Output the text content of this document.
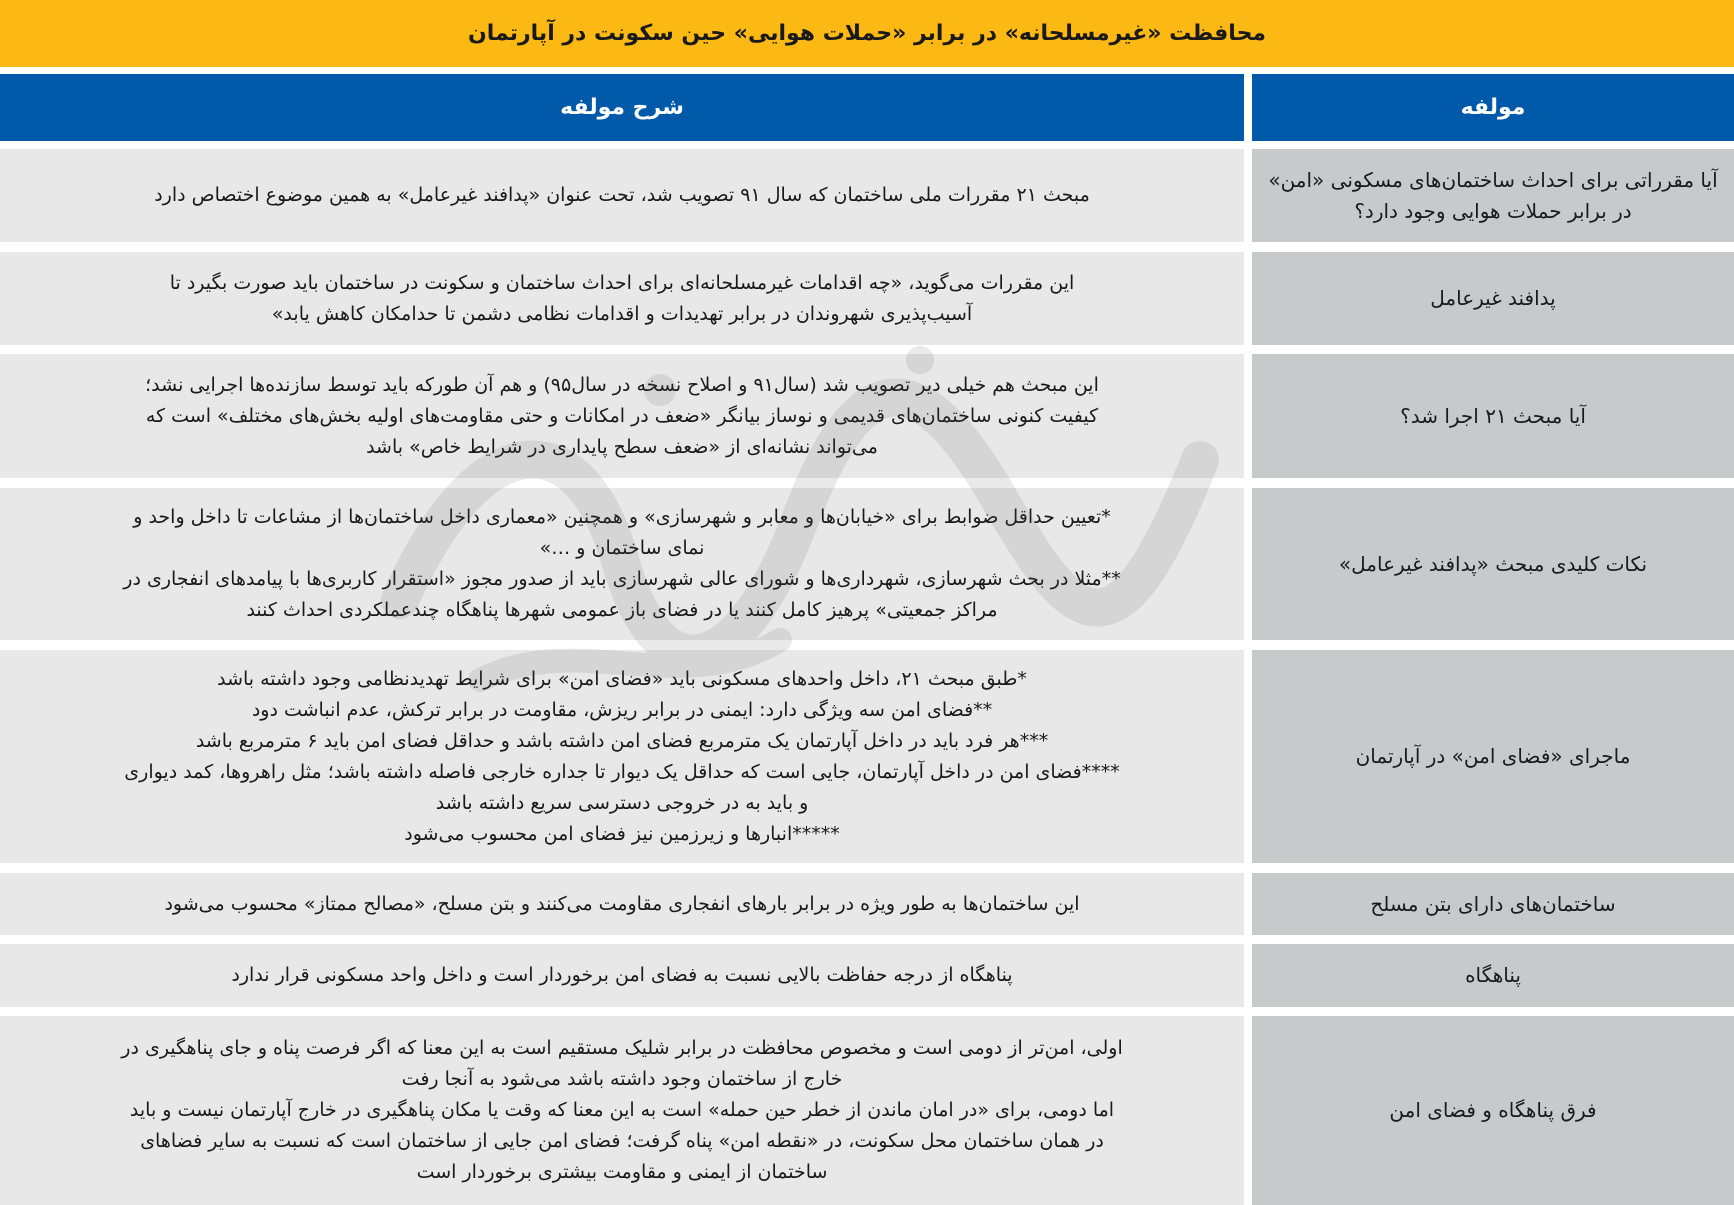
محافظت «غیرمسلحانه» در برابر «حملات هوایی» حین سکونت در آپارتمان
مولفه
شرح مولفه
آیا مقرراتی برای احداث ساختمان‌های مسکونی «امن» در برابر حملات هوایی وجود دارد؟
مبحث ۲۱ مقررات ملی ساختمان که سال ۹۱ تصویب شد، تحت عنوان «پدافند غیرعامل» به همین موضوع اختصاص دارد
پدافند غیرعامل
این مقررات می‌گوید، «چه اقدامات غیرمسلحانه‌ای برای احداث ساختمان و سکونت در ساختمان باید صورت بگیرد تا
آسیب‌پذیری شهروندان در برابر تهدیدات و اقدامات نظامی دشمن تا حدامکان کاهش یابد»
آیا مبحث ۲۱ اجرا شد؟
این مبحث هم خیلی دیر تصویب شد (سال۹۱ و اصلاح نسخه در سال۹۵) و هم آن طورکه باید توسط سازنده‌ها اجرایی نشد؛
کیفیت کنونی ساختمان‌های قدیمی و نوساز بیانگر «ضعف در امکانات و حتی مقاومت‌های اولیه بخش‌های مختلف» است که
می‌تواند نشانه‌ای از «ضعف سطح پایداری در شرایط خاص» باشد
نکات کلیدی مبحث «پدافند غیرعامل»
*تعیین حداقل ضوابط برای «خیابان‌ها و معابر و شهرسازی» و همچنین «معماری داخل ساختمان‌ها از مشاعات تا داخل واحد و
نمای ساختمان و …»
**مثلا در بحث شهرسازی، شهرداری‌ها و شورای عالی شهرسازی باید از صدور مجوز «استقرار کاربری‌ها با پیامدهای انفجاری در
مراکز جمعیتی» پرهیز کامل کنند یا در فضای باز عمومی شهرها پناهگاه چندعملکردی احداث کنند
ماجرای «فضای امن» در آپارتمان
*طبق مبحث ۲۱، داخل واحدهای مسکونی باید «فضای امن» برای شرایط تهدیدنظامی وجود داشته باشد
**فضای امن سه ویژگی دارد: ایمنی در برابر ریزش، مقاومت در برابر ترکش، عدم انباشت دود
***هر فرد باید در داخل آپارتمان یک مترمربع فضای امن داشته باشد و حداقل فضای امن باید ۶ مترمربع باشد
****فضای امن در داخل آپارتمان، جایی است که حداقل یک دیوار تا جداره خارجی فاصله داشته باشد؛ مثل راهروها، کمد دیواری
و باید به در خروجی دسترسی سریع داشته باشد
*****انبارها و زیرزمین نیز فضای امن محسوب می‌شود
ساختمان‌های دارای بتن مسلح
این ساختمان‌ها به طور ویژه در برابر بارهای انفجاری مقاومت می‌کنند و بتن مسلح، «مصالح ممتاز» محسوب می‌شود
پناهگاه
پناهگاه از درجه حفاظت بالایی نسبت به فضای امن برخوردار است و داخل واحد مسکونی قرار ندارد
فرق پناهگاه و فضای امن
اولی، امن‌تر از دومی است و مخصوص محافظت در برابر شلیک مستقیم است به این معنا که اگر فرصت پناه و جای پناهگیری در
خارج از ساختمان وجود داشته باشد می‌شود به آنجا رفت
اما دومی، برای «در امان ماندن از خطر حین حمله» است به این معنا که وقت یا مکان پناهگیری در خارج آپارتمان نیست و باید
در همان ساختمان محل سکونت، در «نقطه امن» پناه گرفت؛ فضای امن جایی از ساختمان است که نسبت به سایر فضاهای
ساختمان از ایمنی و مقاومت بیشتری برخوردار است
